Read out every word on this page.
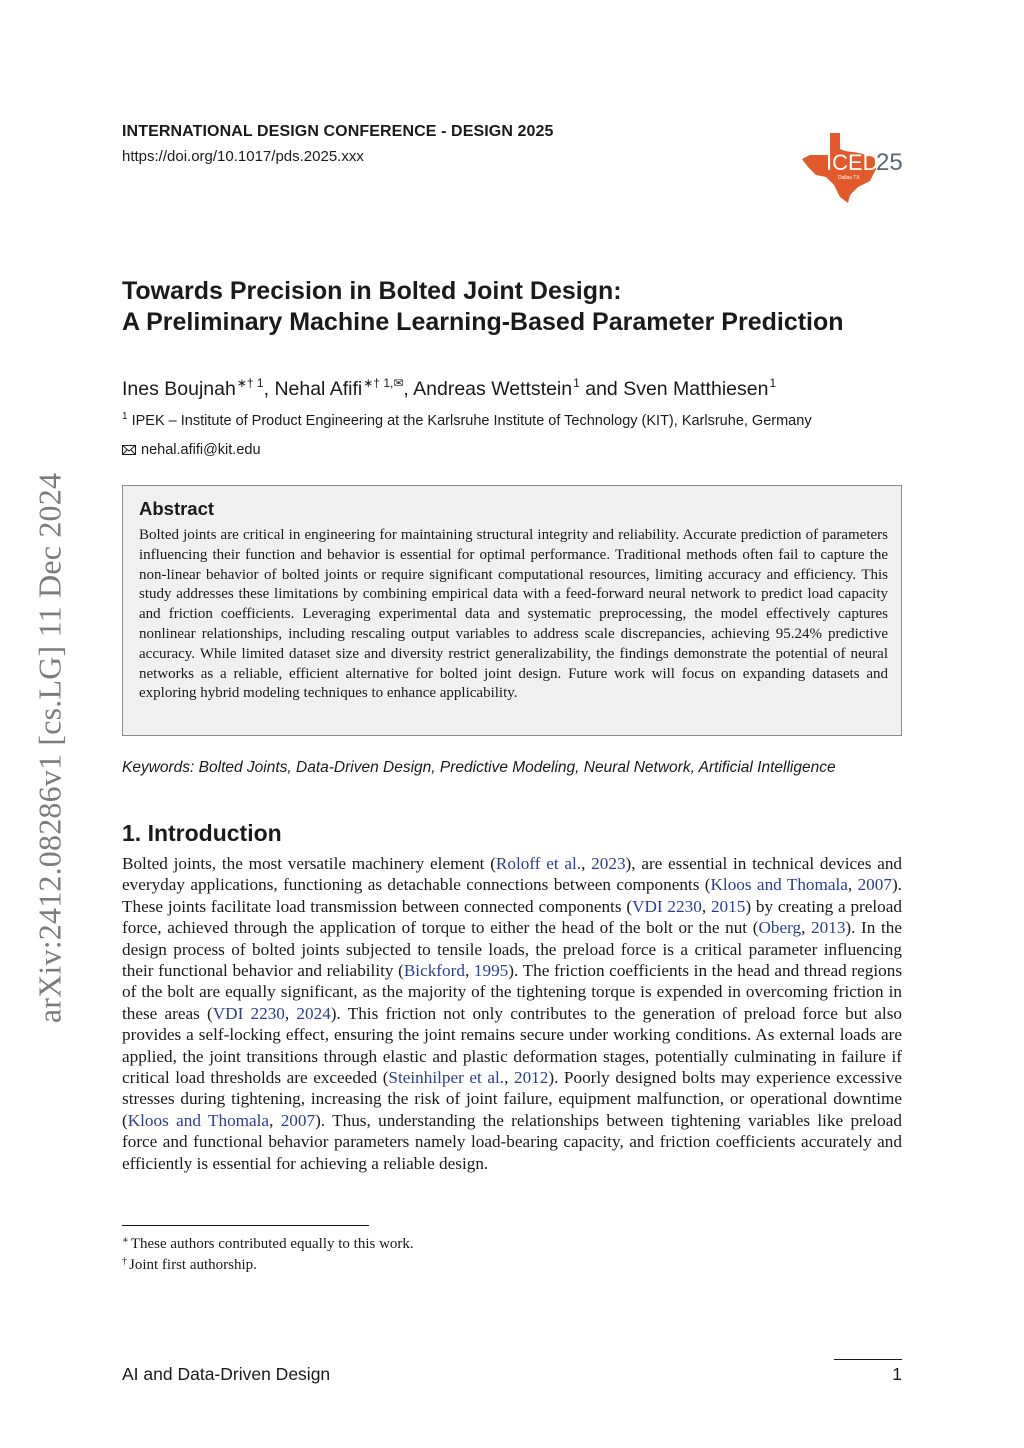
INTERNATIONAL DESIGN CONFERENCE - DESIGN 2025
https://doi.org/10.1017/pds.2025.xxx	ICED
25
Dallas TX
Towards Precision in Bolted Joint Design:
A Preliminary Machine Learning-Based Parameter Prediction
Ines Boujnah$^{∗\dagger 1}$, Nehal Afifi$^{∗\dagger 1,✉}$, Andreas Wettstein$^1$ and Sven Matthiesen$^1$
$^1$ IPEK – Institute of Product Engineering at the Karlsruhe Institute of Technology (KIT), Karlsruhe, Germany
nehal.afifi@kit.edu
Abstract
Bolted joints are critical in engineering for maintaining structural integrity and reliability. Accurate prediction of parameters influencing their function and behavior is essential for optimal performance. Traditional methods often fail to capture the non-linear behavior of bolted joints or require significant computational resources, limiting accuracy and efficiency. This study addresses these limitations by combining empirical data with a feed-forward neural network to predict load capacity and friction coefficients. Leveraging experimental data and systematic preprocessing, the model effectively captures nonlinear relationships, including rescaling output variables to address scale discrepancies, achieving 95.24% predictive accuracy. While limited dataset size and diversity restrict generalizability, the findings demonstrate the potential of neural networks as a reliable, efficient alternative for bolted joint design. Future work will focus on expanding datasets and exploring hybrid modeling techniques to enhance applicability.
Keywords: Bolted Joints, Data-Driven Design, Predictive Modeling, Neural Network, Artificial Intelligence
1. Introduction
Bolted joints, the most versatile machinery element (Roloff et al., 2023), are essential in technical devices and everyday applications, functioning as detachable connections between components (Kloos and Thomala, 2007). These joints facilitate load transmission between connected components (VDI 2230, 2015) by creating a preload force, achieved through the application of torque to either the head of the bolt or the nut (Oberg, 2013). In the design process of bolted joints subjected to tensile loads, the preload force is a critical parameter influencing their functional behavior and reliability (Bickford, 1995). The friction coefficients in the head and thread regions of the bolt are equally significant, as the majority of the tightening torque is expended in overcoming friction in these areas (VDI 2230, 2024). This friction not only contributes to the generation of preload force but also provides a self-locking effect, ensuring the joint remains secure under working conditions. As external loads are applied, the joint transitions through elastic and plastic deformation stages, potentially culminating in failure if critical load thresholds are exceeded (Steinhilper et al., 2012). Poorly designed bolts may experience excessive stresses during tightening, increasing the risk of joint failure, equipment malfunction, or operational downtime (Kloos and Thomala, 2007). Thus, understanding the relationships between tightening variables like preload force and functional behavior parameters namely load-bearing capacity, and friction coefficients accurately and efficiently is essential for achieving a reliable design.
∗ These authors contributed equally to this work.
† Joint first authorship.
AI and Data-Driven Design	1
arXiv:2412.08286v1 [cs.LG] 11 Dec 2024
